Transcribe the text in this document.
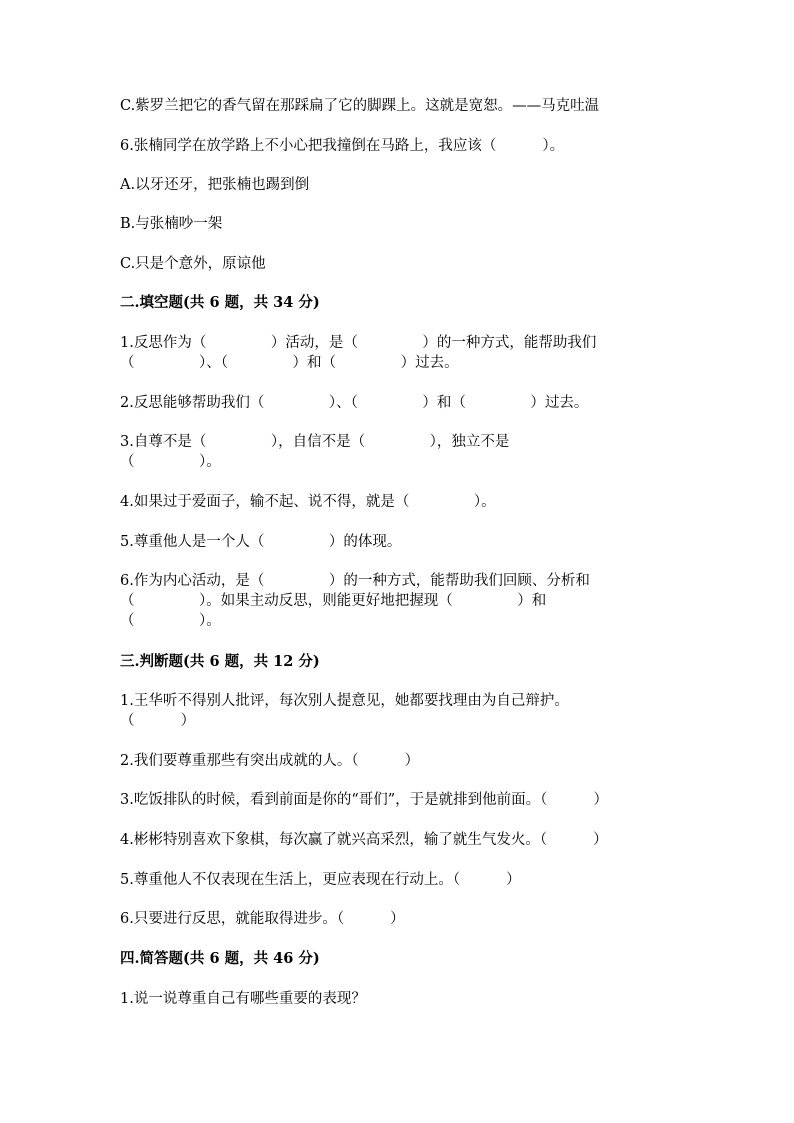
C.紫罗兰把它的香气留在那踩扁了它的脚踝上。这就是宽恕。——马克吐温
6.张楠同学在放学路上不小心把我撞倒在马路上，我应该（          ）。
A.以牙还牙，把张楠也踢到倒
B.与张楠吵一架
C.只是个意外，原谅他
二.填空题(共 6 题，共 34 分)
1.反思作为（              ）活动，是（              ）的一种方式，能帮助我们
（              ）、（              ）和（              ）过去。
2.反思能够帮助我们（              ）、（              ）和（              ）过去。
3.自尊不是（              ），自信不是（              ），独立不是
（              ）。
4.如果过于爱面子，输不起、说不得，就是（              ）。
5.尊重他人是一个人（              ）的体现。
6.作为内心活动，是（              ）的一种方式，能帮助我们回顾、分析和
（              ）。如果主动反思，则能更好地把握现（              ）和
（              ）。
三.判断题(共 6 题，共 12 分)
1.王华听不得别人批评，每次别人提意见，她都要找理由为自己辩护。
（          ）
2.我们要尊重那些有突出成就的人。（          ）
3.吃饭排队的时候，看到前面是你的“哥们”，于是就排到他前面。（          ）
4.彬彬特别喜欢下象棋，每次赢了就兴高采烈，输了就生气发火。（          ）
5.尊重他人不仅表现在生活上，更应表现在行动上。（          ）
6.只要进行反思，就能取得进步。（          ）
四.简答题(共 6 题，共 46 分)
1.说一说尊重自己有哪些重要的表现？
